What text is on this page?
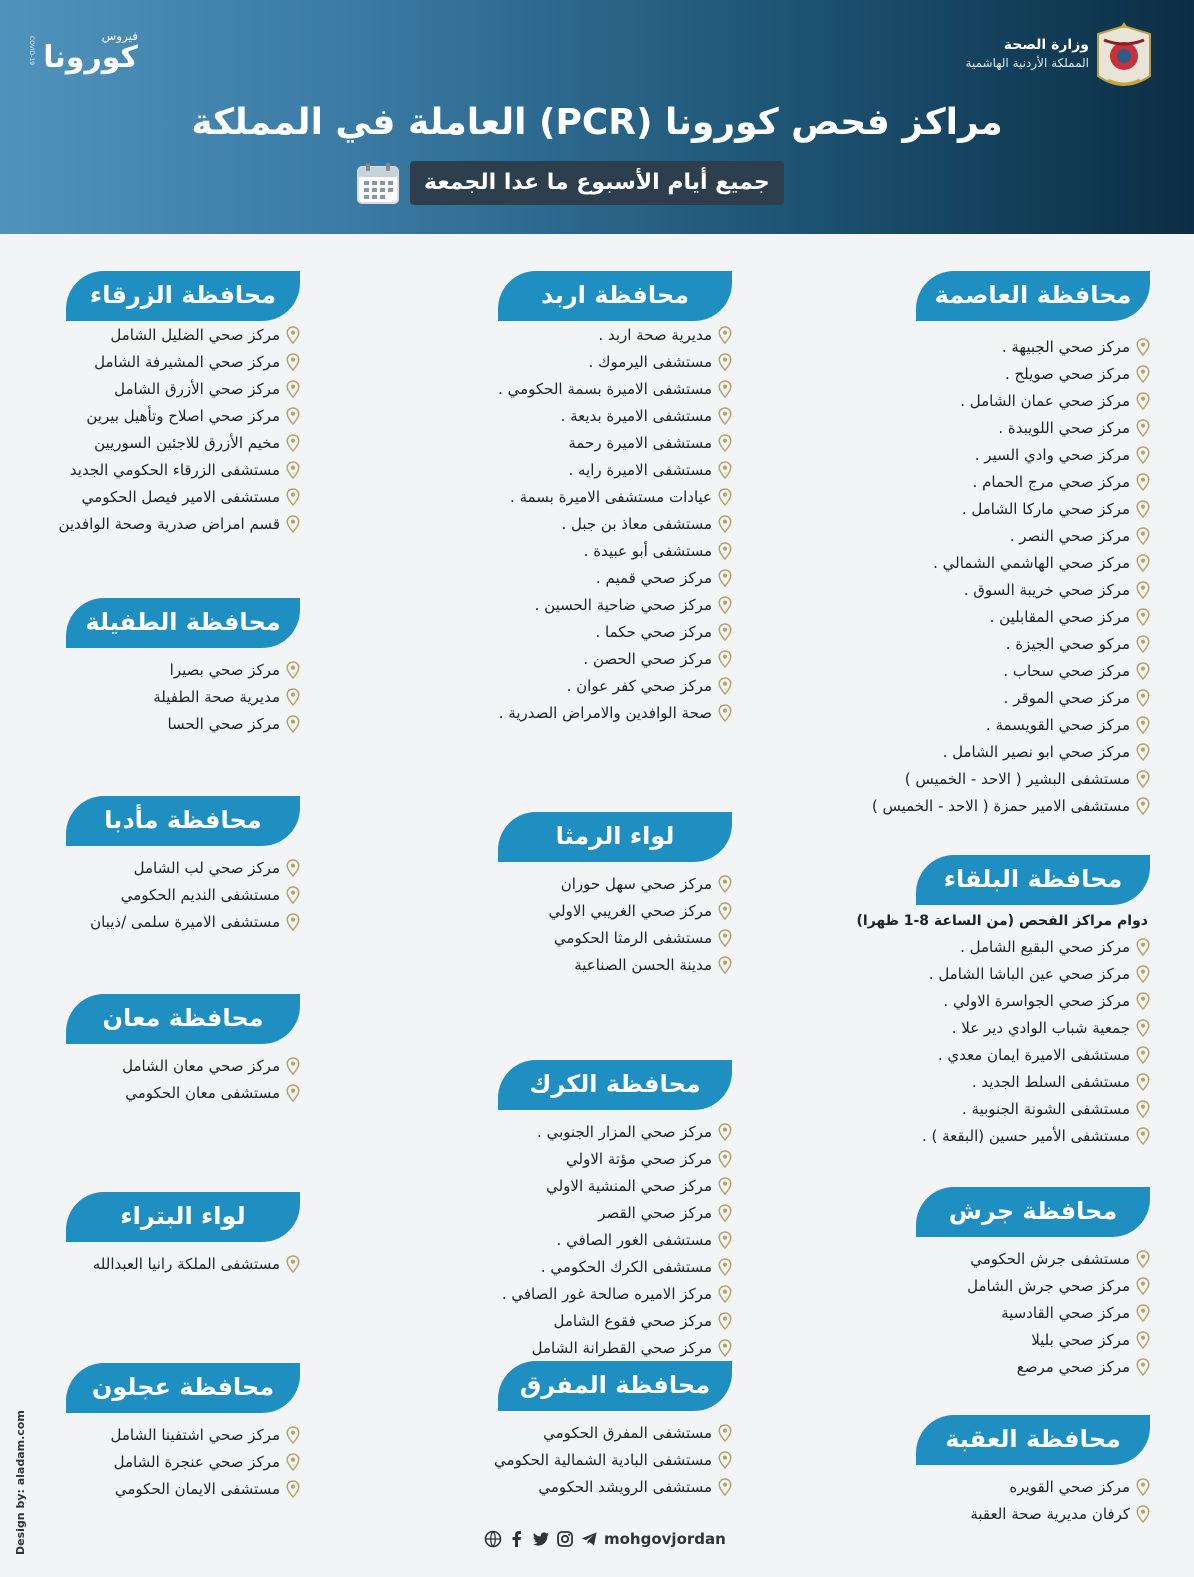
COVID-19	فيروس
كورونا	وزارة الصحة
المملكة الأردنية الهاشمية
مراكز فحص كورونا (PCR) العاملة في المملكة
جميع أيام الأسبوع ما عدا الجمعة
محافظة العاصمة
مركز صحي الجبيهة .
مركز صحي صويلح .
مركز صحي عمان الشامل .
مركز صحي اللويبدة .
مركز صحي وادي السير .
مركز صحي مرج الحمام .
مركز صحي ماركا الشامل .
مركز صحي النصر .
مركز صحي الهاشمي الشمالي .
مركز صحي خريبة السوق .
مركز صحي المقابلين .
مركو صحي الجيزة .
مركز صحي سحاب .
مركز صحي الموقر .
مركز صحي القويسمة .
مركز صحي ابو نصير الشامل .
مستشفى البشير ( الاحد - الخميس )
مستشفى الامير حمزة ( الاحد - الخميس )
محافظة البلقاء
دوام مراكز الفحص (من الساعة 8-1 ظهرا)
مركز صحي البقيع الشامل .
مركز صحي عين الباشا الشامل .
مركز صحي الجواسرة الاولي .
جمعية شباب الوادي دير علا .
مستشفى الاميرة ايمان معدي .
مستشفى السلط الجديد .
مستشفى الشونة الجنوبية .
مستشفى الأمير حسين (البقعة ) .
محافظة جرش
مستشفى جرش الحكومي
مركز صحي جرش الشامل
مركز صحي القادسية
مركز صحي بليلا
مركز صحي مرصع
محافظة العقبة
مركز صحي القويره
كرفان مديرية صحة العقبة
محافظة اربد
مديرية صحة اربد .
مستشفى اليرموك .
مستشفى الاميرة بسمة الحكومي .
مستشفى الاميرة بديعة .
مستشفى الاميرة رحمة
مستشفى الاميرة رايه .
عيادات مستشفى الاميرة بسمة .
مستشفى معاذ بن جبل .
مستشفى أبو عبيدة .
مركز صحي قميم .
مركز صحي ضاحية الحسين .
مركز صحي حكما .
مركز صحي الحصن .
مركز صحي كفر عوان .
صحة الوافدين والامراض الصدرية .
لواء الرمثا
مركز صحي سهل حوران
مركز صحي الغريبي الاولي
مستشفى الرمثا الحكومي
مدينة الحسن الصناعية
محافظة الكرك
مركز صحي المزار الجنوبي .
مركز صحي مؤتة الاولي
مركز صحي المنشية الاولي
مركز صحي القصر
مستشفى الغور الصافي .
مستشفى الكرك الحكومي .
مركز الاميره صالحة غور الصافي .
مركز صحي فقوع الشامل
مركز صحي القطرانة الشامل
محافظة المفرق
مستشفى المفرق الحكومي
مستشفى البادية الشمالية الحكومي
مستشفى الرويشد الحكومي
محافظة الزرقاء
مركز صحي الضليل الشامل
مركز صحي المشيرفة الشامل
مركز صحي الأزرق الشامل
مركز صحي اصلاح وتأهيل بيرين
مخيم الأزرق للاجئين السوريين
مستشفى الزرقاء الحكومي الجديد
مستشفى الامير فيصل الحكومي
قسم امراض صدرية وصحة الوافدين
محافظة الطفيلة
مركز صحي بصيرا
مديرية صحة الطفيلة
مركز صحي الحسا
محافظة مأدبا
مركز صحي لب الشامل
مستشفى النديم الحكومي
مستشفى الاميرة سلمى /ذيبان
محافظة معان
مركز صحي معان الشامل
مستشفى معان الحكومي
لواء البتراء
مستشفى الملكة رانيا العبدالله
محافظة عجلون
مركز صحي اشتفينا الشامل
مركز صحي عنجرة الشامل
مستشفى الايمان الحكومي
Design by: aladam.com	mohgovjordan
